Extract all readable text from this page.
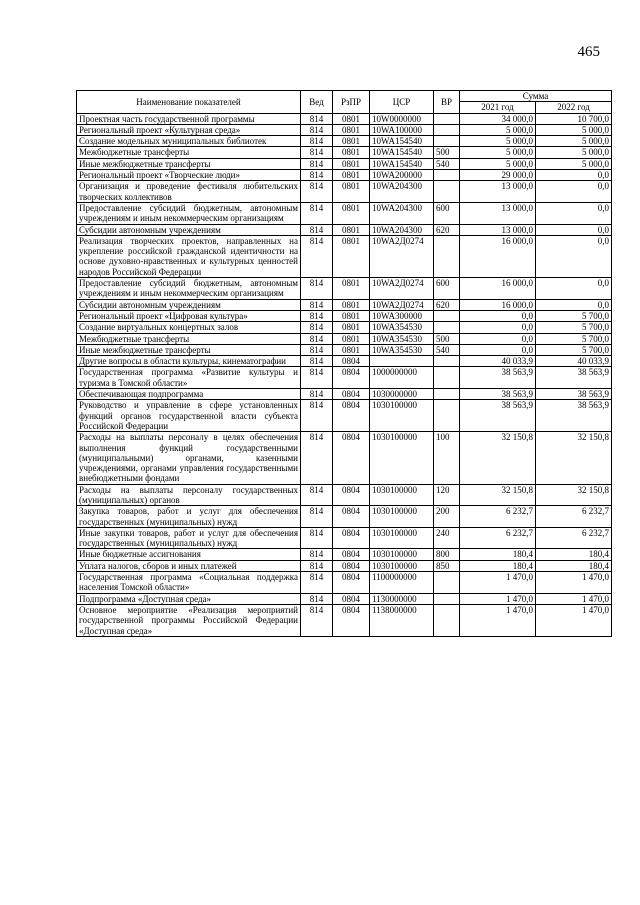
465
Наименование показателей	Вед	РзПР	ЦСР	ВР	Сумма	
					2021 год	2022 год
Проектная часть государственной программы	814	0801	10W0000000		34 000,0	10 700,0
Региональный проект «Культурная среда»	814	0801	10WA100000		5 000,0	5 000,0
Создание модельных муниципальных библиотек	814	0801	10WA154540		5 000,0	5 000,0
Межбюджетные трансферты	814	0801	10WA154540	500	5 000,0	5 000,0
Иные межбюджетные трансферты	814	0801	10WA154540	540	5 000,0	5 000,0
Региональный проект «Творческие люди»	814	0801	10WA200000		29 000,0	0,0
Организация и проведение фестиваля любительских творческих коллективов	814	0801	10WA204300		13 000,0	0,0
Предоставление субсидий бюджетным, автономным учреждениям и иным некоммерческим организациям	814	0801	10WA204300	600	13 000,0	0,0
Субсидии автономным учреждениям	814	0801	10WA204300	620	13 000,0	0,0
Реализация творческих проектов, направленных на укрепление российской гражданской идентичности на основе духовно-нравственных и культурных ценностей народов Российской Федерации	814	0801	10WA2Д0274		16 000,0	0,0
Предоставление субсидий бюджетным, автономным учреждениям и иным некоммерческим организациям	814	0801	10WA2Д0274	600	16 000,0	0,0
Субсидии автономным учреждениям	814	0801	10WA2Д0274	620	16 000,0	0,0
Региональный проект «Цифровая культура»	814	0801	10WA300000		0,0	5 700,0
Создание виртуальных концертных залов	814	0801	10WA354530		0,0	5 700,0
Межбюджетные трансферты	814	0801	10WA354530	500	0,0	5 700,0
Иные межбюджетные трансферты	814	0801	10WA354530	540	0,0	5 700,0
Другие вопросы в области культуры, кинематографии	814	0804			40 033,9	40 033,9
Государственная программа «Развитие культуры и туризма в Томской области»	814	0804	1000000000		38 563,9	38 563,9
Обеспечивающая подпрограмма	814	0804	1030000000		38 563,9	38 563,9
Руководство и управление в сфере установленных функций органов государственной власти субъекта Российской Федерации	814	0804	1030100000		38 563,9	38 563,9
Расходы на выплаты персоналу в целях обеспечения выполнения функций государственными (муниципальными) органами, казенными учреждениями, органами управления государственными внебюджетными фондами	814	0804	1030100000	100	32 150,8	32 150,8
Расходы на выплаты персоналу государственных (муниципальных) органов	814	0804	1030100000	120	32 150,8	32 150,8
Закупка товаров, работ и услуг для обеспечения государственных (муниципальных) нужд	814	0804	1030100000	200	6 232,7	6 232,7
Иные закупки товаров, работ и услуг для обеспечения государственных (муниципальных) нужд	814	0804	1030100000	240	6 232,7	6 232,7
Иные бюджетные ассигнования	814	0804	1030100000	800	180,4	180,4
Уплата налогов, сборов и иных платежей	814	0804	1030100000	850	180,4	180,4
Государственная программа «Социальная поддержка населения Томской области»	814	0804	1100000000		1 470,0	1 470,0
Подпрограмма «Доступная среда»	814	0804	1130000000		1 470,0	1 470,0
Основное мероприятие «Реализация мероприятий государственной программы Российской Федерации «Доступная среда»	814	0804	1138000000		1 470,0	1 470,0
